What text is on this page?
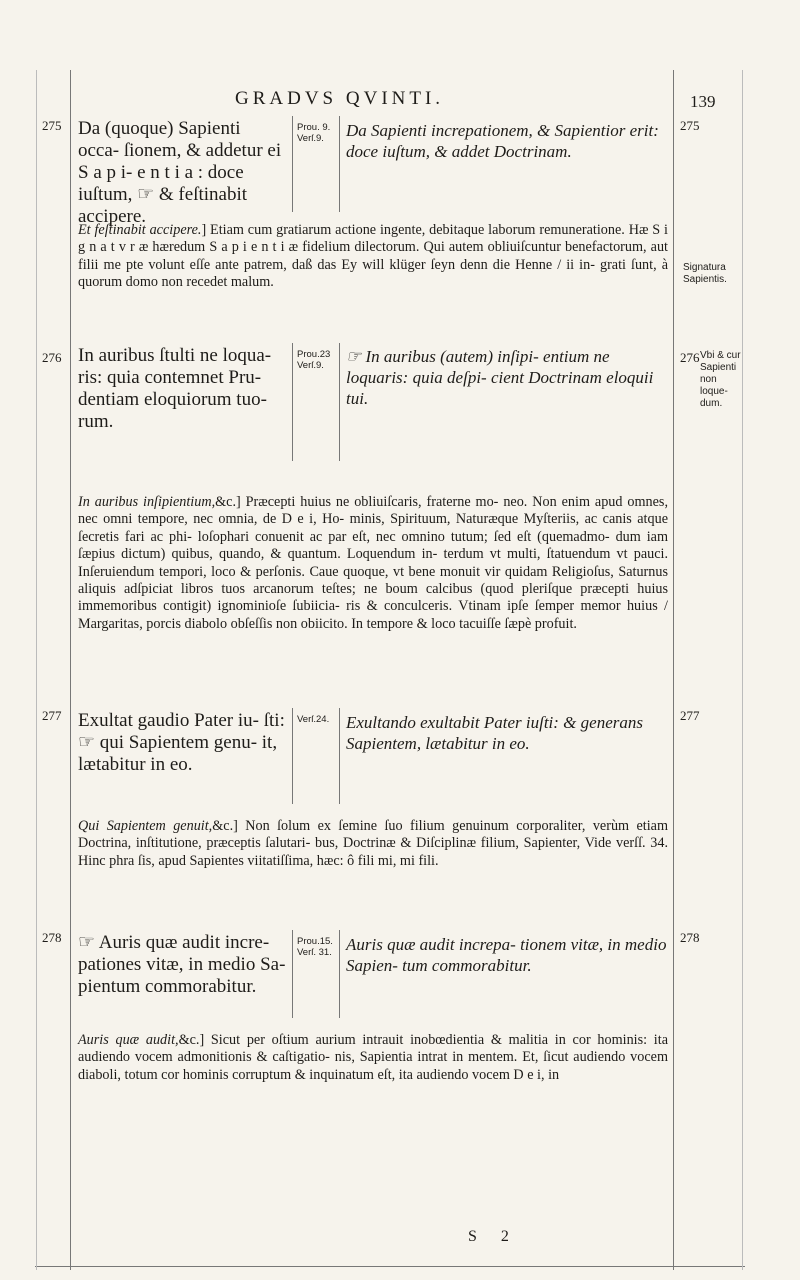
GRADVS QVINTI.	139
275	275
276	276
277	277
278	278
Signatura Sapientis.
Vbi & cur Sapienti non loque- dum.
Da (quoque) Sapienti occa- ſionem, & addetur ei S a p i- e n t i a : doce iuſtum, ☞ & feſtinabit accipere.
Prou. 9. Verſ.9.	Da Sapienti increpationem, & Sapientior erit: doce iuſtum, & addet Doctrinam.
Et feſtinabit accipere.] Etiam cum gratiarum actione ingente, debitaque laborum remuneratione. Hæ S i g n a t v r æ hæredum S a p i e n t i æ fidelium dilectorum. Qui autem obliuiſcuntur benefactorum, aut filii me pte volunt eſſe ante patrem, daß das Ey will klüger ſeyn denn die Henne / ii in- grati ſunt, à quorum domo non recedet malum.
In auribus ſtulti ne loqua- ris: quia contemnet Pru- dentiam eloquiorum tuo- rum.
Prou.23 Verſ.9.	☞ In auribus (autem) inſipi- entium ne loquaris: quia deſpi- cient Doctrinam eloquii tui.
In auribus inſipientium,&c.] Præcepti huius ne obliuiſcaris, fraterne mo- neo. Non enim apud omnes, nec omni tempore, nec omnia, de D e i, Ho- minis, Spirituum, Naturæque Myſteriis, ac canis atque ſecretis fari ac phi- loſophari conuenit ac par eſt, nec omnino tutum; ſed eſt (quemadmo- dum iam ſæpius dictum) quibus, quando, & quantum. Loquendum in- terdum vt multi, ſtatuendum vt pauci. Inſeruiendum tempori, loco & perſonis. Caue quoque, vt bene monuit vir quidam Religioſus, Saturnus aliquis adſpiciat libros tuos arcanorum teſtes; ne boum calcibus (quod pleriſque præcepti huius immemoribus contigit) ignominioſe ſubiicia- ris & conculceris. Vtinam ipſe ſemper memor huius / Margaritas, porcis diabolo obſeſſis non obiicito. In tempore & loco tacuiſſe ſæpè profuit.
Exultat gaudio Pater iu- ſti: ☞ qui Sapientem genu- it, lætabitur in eo.
Verſ.24. Exultando exultabit Pater iuſti: & generans Sapientem, lætabitur in eo.
Qui Sapientem genuit,&c.] Non ſolum ex ſemine ſuo filium genuinum corporaliter, verùm etiam Doctrina, inſtitutione, præceptis ſalutari- bus, Doctrinæ & Diſciplinæ filium, Sapienter, Vide verſſ. 34. Hinc phra ſis, apud Sapientes viitatiſſima, hæc: ô fili mi, mi fili.
☞ Auris quæ audit incre- pationes vitæ, in medio Sa- pientum commorabitur.
Prou.15. Verſ. 31. Auris quæ audit increpa- tionem vitæ, in medio Sapien- tum commorabitur.
Auris quæ audit,&c.] Sicut per oſtium aurium intrauit inobœdientia & malitia in cor hominis: ita audiendo vocem admonitionis & caſtigatio- nis, Sapientia intrat in mentem. Et, ſicut audiendo vocem diaboli, totum cor hominis corruptum & inquinatum eſt, ita audiendo vocem D e i, in
S 2
